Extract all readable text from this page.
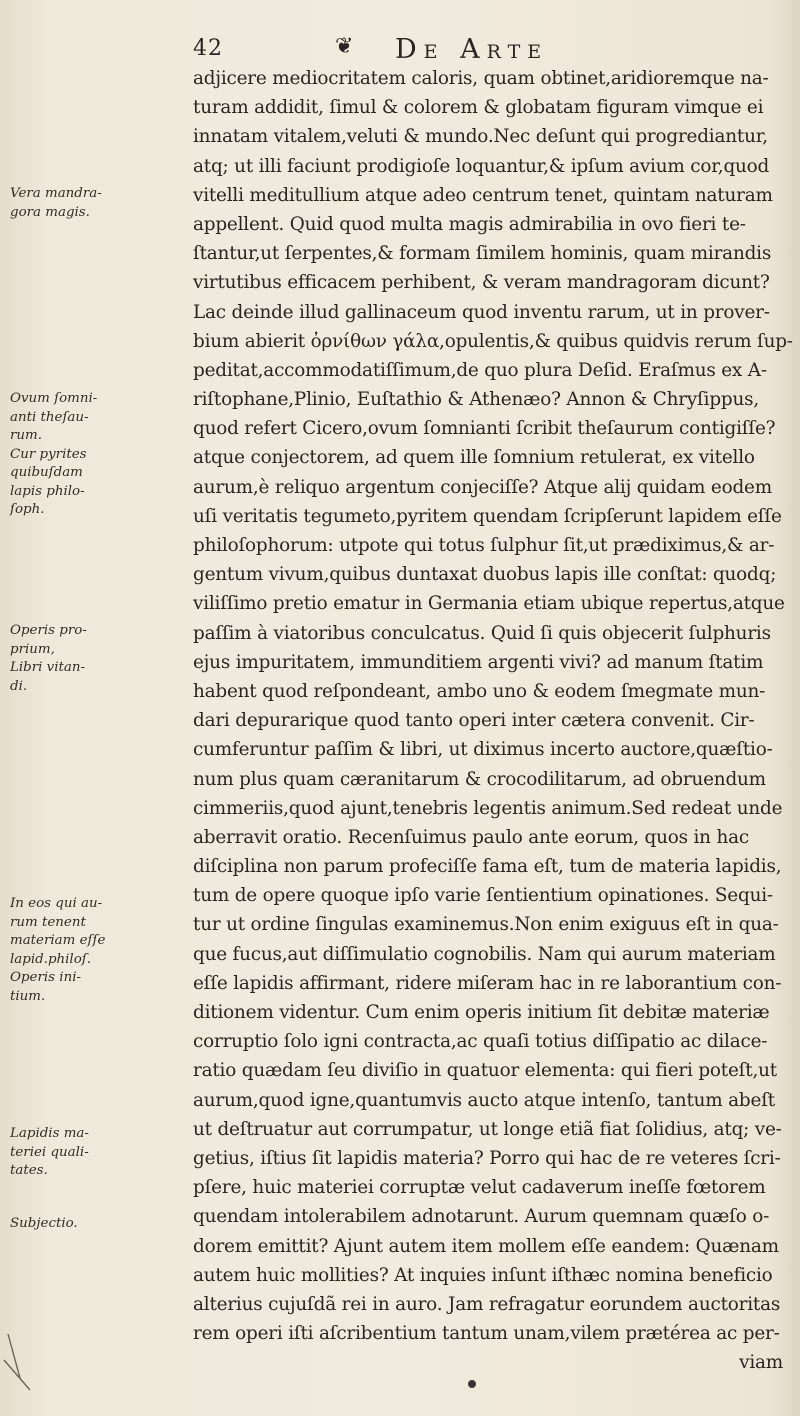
42	❦ De Arte
Vera mandra-
gora magis.
Ovum ſomni-
anti theſau-
rum.
Cur pyrites
quibuſdam
lapis philo-
ſoph.
Operis pro-
prium,
Libri vitan-
di.
In eos qui au-
rum tenent
materiam eſſe
lapid.philoſ.
Operis ini-
tium.
Lapidis ma-
teriei quali-
tates.
Subjectio.
adjicere mediocritatem caloris, quam obtinet,aridioremque na-
turam addidit, ſimul & colorem & globatam figuram vimque ei
innatam vitalem,veluti & mundo.Nec deſunt qui progrediantur,
atq; ut illi faciunt prodigioſe loquantur,& ipſum avium cor,quod
vitelli meditullium atque adeo centrum tenet, quintam naturam
appellent. Quid quod multa magis admirabilia in ovo fieri te-
ſtantur,ut ſerpentes,& formam ſimilem hominis, quam mirandis
virtutibus efficacem perhibent, & veram mandragoram dicunt?
Lac deinde illud gallinaceum quod inventu rarum, ut in prover-
bium abierit ὀρνίθων γάλα,opulentis,& quibus quidvis rerum ſup-
peditat,accommodatiſſimum,de quo plura Deſid. Eraſmus ex A-
riſtophane,Plinio, Euſtathio & Athenæo? Annon & Chryſippus,
quod refert Cicero,ovum ſomnianti ſcribit theſaurum contigiſſe?
atque conjectorem, ad quem ille ſomnium retulerat, ex vitello
aurum,è reliquo argentum conjeciſſe? Atque alij quidam eodem
uſi veritatis tegumeto,pyritem quendam ſcripſerunt lapidem eſſe
philoſophorum: utpote qui totus ſulphur ſit,ut prædiximus,& ar-
gentum vivum,quibus duntaxat duobus lapis ille conſtat: quodq;
viliſſimo pretio ematur in Germania etiam ubique repertus,atque
paſſim à viatoribus conculcatus. Quid ſi quis objecerit ſulphuris
ejus impuritatem, immunditiem argenti vivi? ad manum ſtatim
habent quod reſpondeant, ambo uno & eodem ſmegmate mun-
dari depurarique quod tanto operi inter cætera convenit. Cir-
cumferuntur paſſim & libri, ut diximus incerto auctore,quæſtio-
num plus quam cæranitarum & crocodilitarum, ad obruendum
cimmeriis,quod ajunt,tenebris legentis animum.Sed redeat unde
aberravit oratio. Recenſuimus paulo ante eorum, quos in hac
diſciplina non parum profeciſſe fama eſt, tum de materia lapidis,
tum de opere quoque ipſo varie ſentientium opinationes. Sequi-
tur ut ordine ſingulas examinemus.Non enim exiguus eſt in qua-
que fucus,aut diſſimulatio cognobilis. Nam qui aurum materiam
eſſe lapidis affirmant, ridere miſeram hac in re laborantium con-
ditionem videntur. Cum enim operis initium ſit debitæ materiæ
corruptio ſolo igni contracta,ac quaſi totius diſſipatio ac dilace-
ratio quædam ſeu diviſio in quatuor elementa: qui fieri poteſt,ut
aurum,quod igne,quantumvis aucto atque intenſo, tantum abeſt
ut deſtruatur aut corrumpatur, ut longe etiã fiat ſolidius, atq; ve-
getius, iſtius ſit lapidis materia? Porro qui hac de re veteres ſcri-
pſere, huic materiei corruptæ velut cadaverum ineſſe fœtorem
quendam intolerabilem adnotarunt. Aurum quemnam quæſo o-
dorem emittit? Ajunt autem item mollem eſſe eandem: Quænam
autem huic mollities? At inquies inſunt iſthæc nomina beneficio
alterius cujuſdã rei in auro. Jam refragatur eorundem auctoritas
rem operi iſti aſcribentium tantum unam,vilem prætérea ac per-
viam
